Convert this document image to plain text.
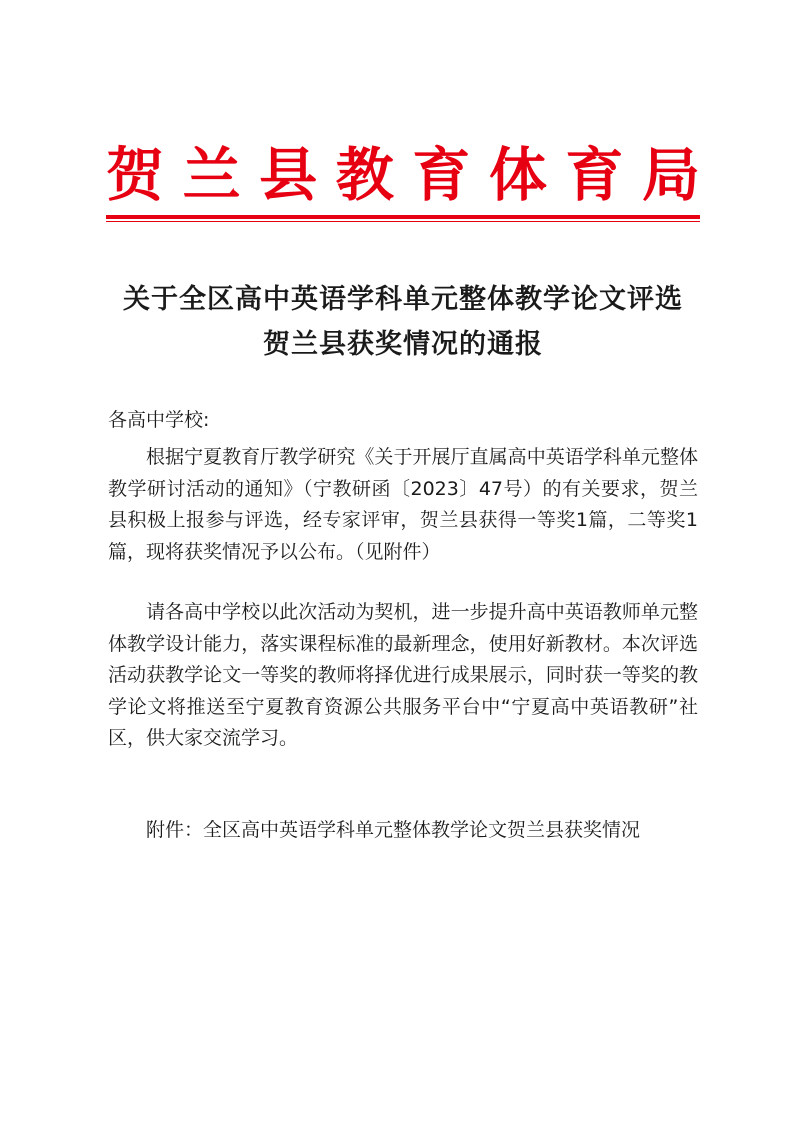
贺 兰 县 教 育 体 育 局
关于全区高中英语学科单元整体教学论文评选
贺兰县获奖情况的通报
各高中学校:
根据宁夏教育厅教学研究《关于开展厅直属高中英语学科单元整体教学研讨活动的通知》（宁教研函〔2023〕47号）的有关要求，贺兰县积极上报参与评选，经专家评审，贺兰县获得一等奖1篇，二等奖1篇，现将获奖情况予以公布。（见附件）
请各高中学校以此次活动为契机，进一步提升高中英语教师单元整体教学设计能力，落实课程标准的最新理念，使用好新教材。本次评选活动获教学论文一等奖的教师将择优进行成果展示，同时获一等奖的教学论文将推送至宁夏教育资源公共服务平台中“宁夏高中英语教研”社区，供大家交流学习。
附件：全区高中英语学科单元整体教学论文贺兰县获奖情况
